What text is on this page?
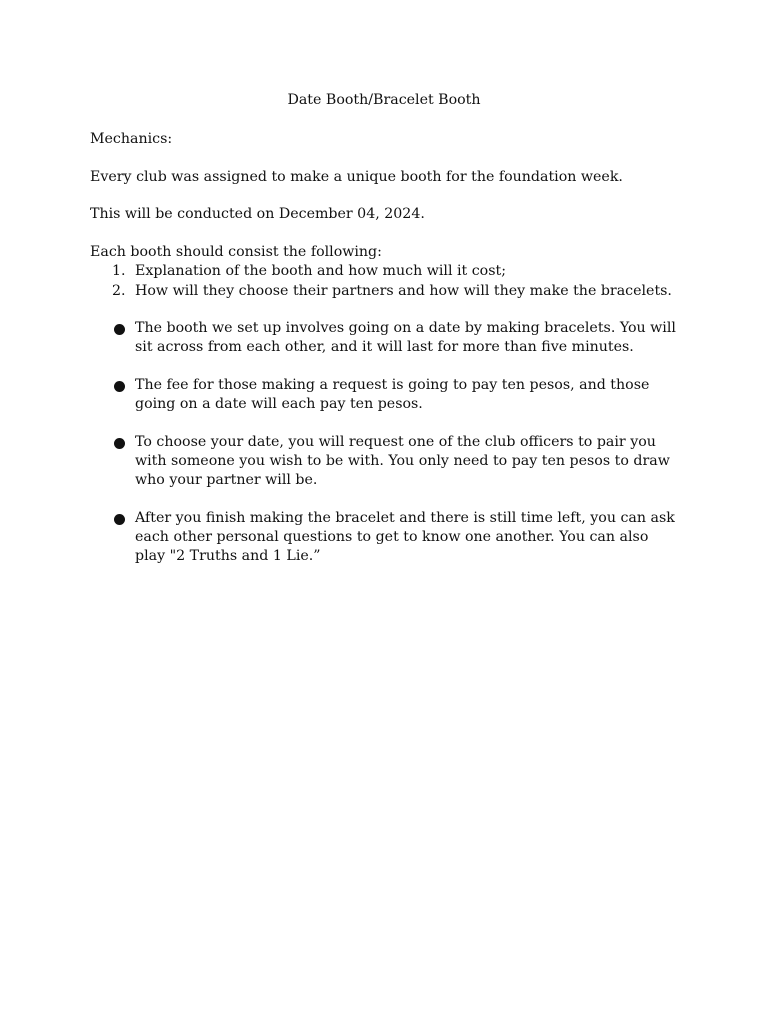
Date Booth/Bracelet Booth
Mechanics:
Every club was assigned to make a unique booth for the foundation week.
This will be conducted on December 04, 2024.
Each booth should consist the following:
1. Explanation of the booth and how much will it cost;
2. How will they choose their partners and how will they make the bracelets.
The booth we set up involves going on a date by making bracelets. You will sit across from each other, and it will last for more than five minutes.
The fee for those making a request is going to pay ten pesos, and those going on a date will each pay ten pesos.
To choose your date, you will request one of the club officers to pair you with someone you wish to be with. You only need to pay ten pesos to draw who your partner will be.
After you finish making the bracelet and there is still time left, you can ask each other personal questions to get to know one another. You can also play "2 Truths and 1 Lie.”
